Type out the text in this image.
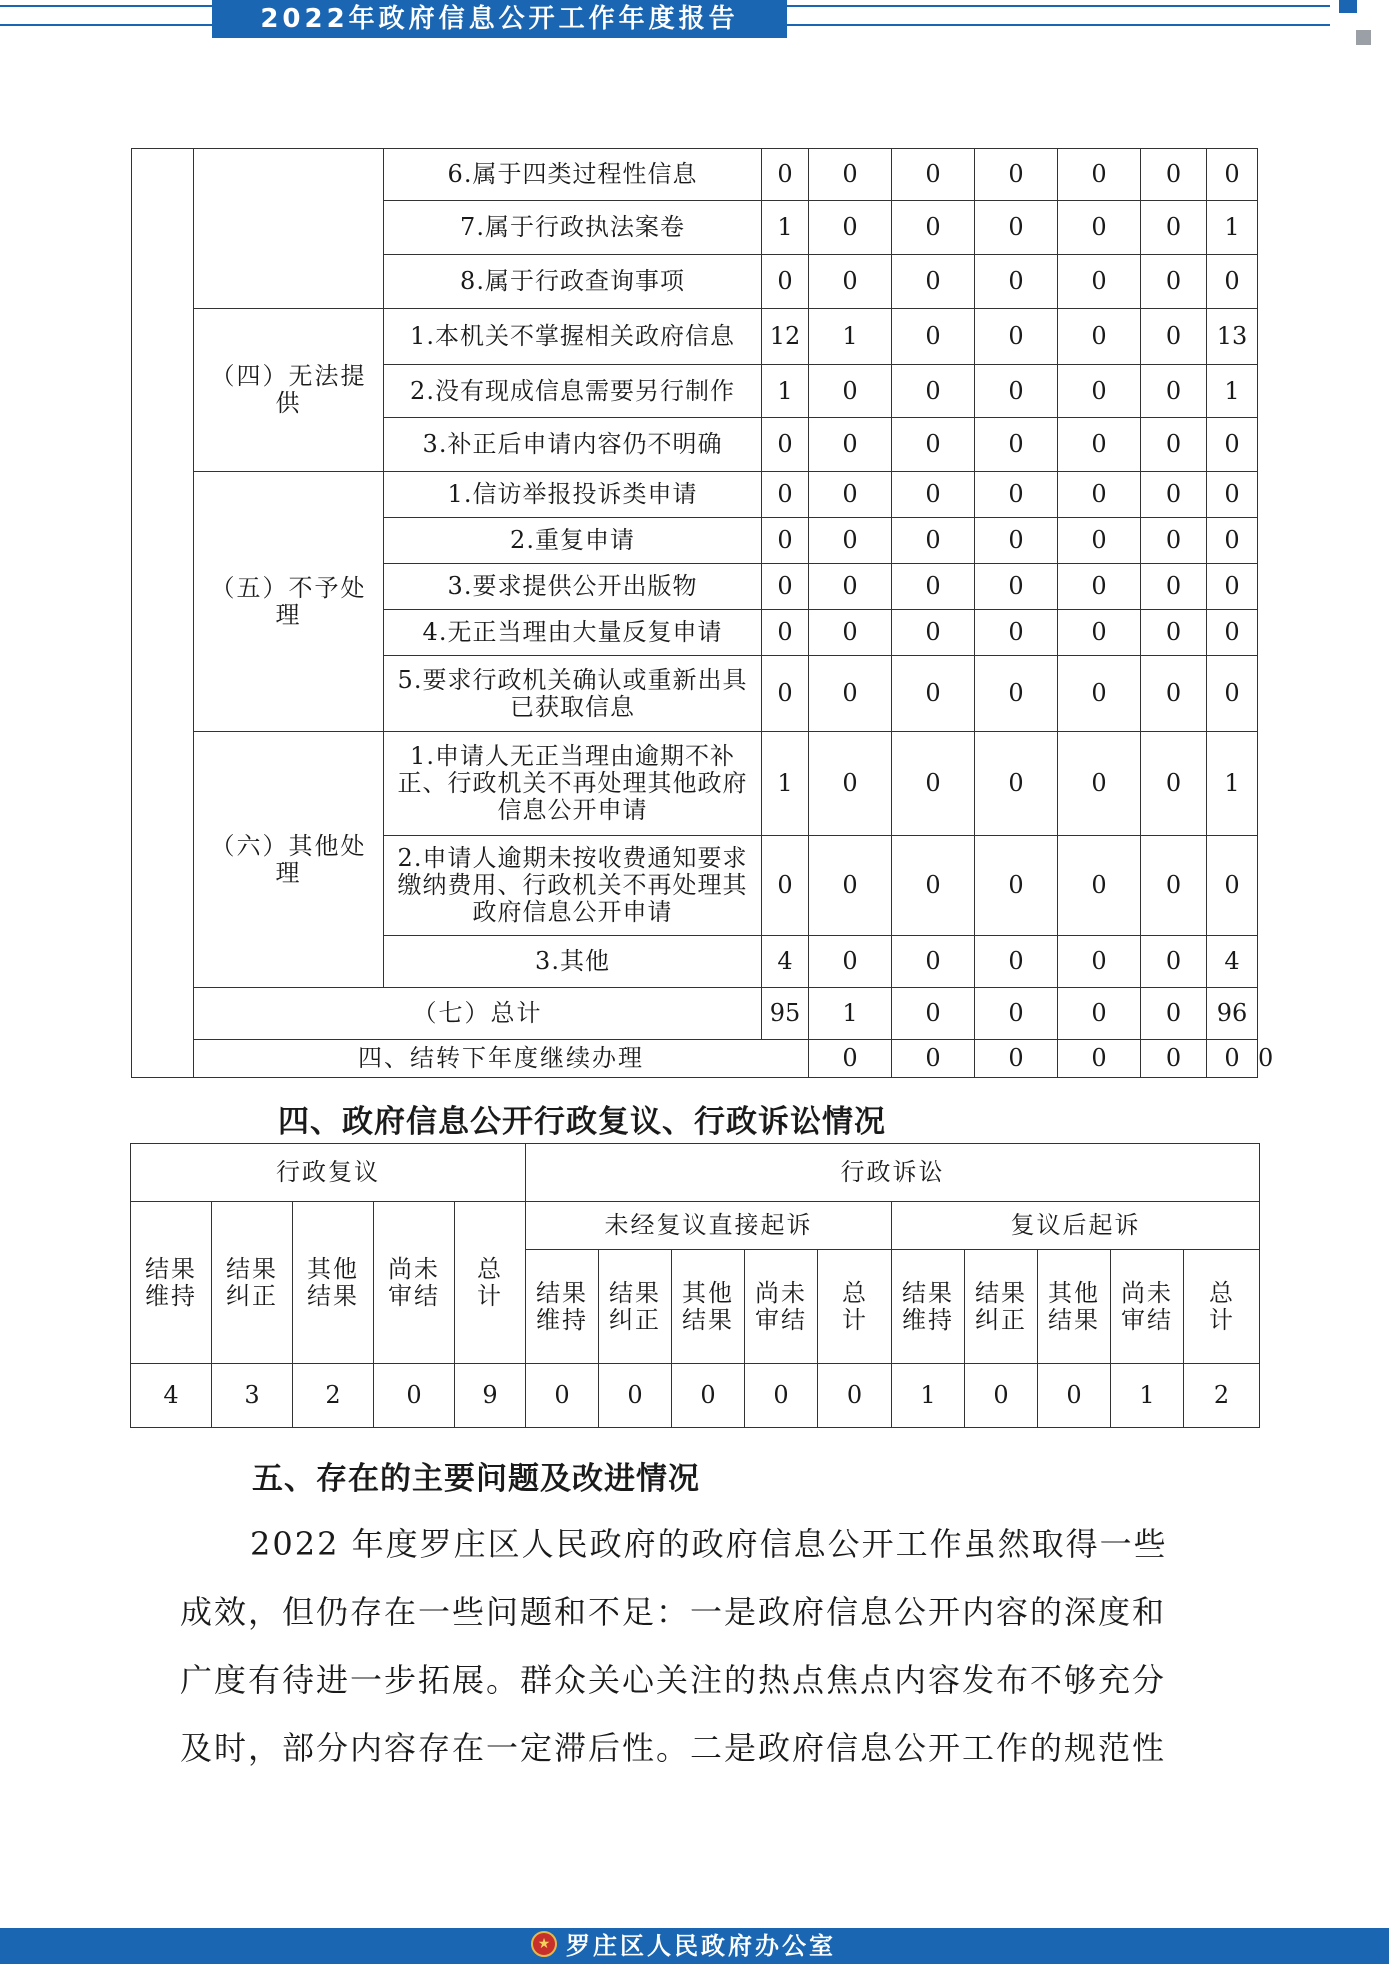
2022年政府信息公开工作年度报告
		6.属于四类过程性信息	0	0	0	0	0	0	0	
		7.属于行政执法案卷	1	0	0	0	0	0	1	
		8.属于行政查询事项	0	0	0	0	0	0	0	
	（四）无法提供	1.本机关不掌握相关政府信息	12	1	0	0	0	0	13	
		2.没有现成信息需要另行制作	1	0	0	0	0	0	1	
		3.补正后申请内容仍不明确	0	0	0	0	0	0	0	
	（五）不予处理	1.信访举报投诉类申请	0	0	0	0	0	0	0	
		2.重复申请	0	0	0	0	0	0	0	
		3.要求提供公开出版物	0	0	0	0	0	0	0	
		4.无正当理由大量反复申请	0	0	0	0	0	0	0	
		5.要求行政机关确认或重新出具已获取信息	0	0	0	0	0	0	0	
	（六）其他处理	1.申请人无正当理由逾期不补正、行政机关不再处理其他政府信息公开申请	1	0	0	0	0	0	1	
		2.申请人逾期未按收费通知要求缴纳费用、行政机关不再处理其政府信息公开申请	0	0	0	0	0	0	0	
		3.其他	4	0	0	0	0	0	4	
	（七）总计		95	1	0	0	0	0	96	
	四、结转下年度继续办理			0	0	0	0	0	0	0
四、政府信息公开行政复议、行政诉讼情况
行政复议					行政诉讼									
结果维持	结果纠正	其他结果	尚未审结	总计	未经复议直接起诉					复议后起诉				
					结果维持	结果纠正	其他结果	尚未审结	总计	结果维持	结果纠正	其他结果	尚未审结	总计
4	3	2	0	9	0	0	0	0	0	1	0	0	1	2
五、存在的主要问题及改进情况
2022 年度罗庄区人民政府的政府信息公开工作虽然取得一些
成效，但仍存在一些问题和不足：一是政府信息公开内容的深度和
广度有待进一步拓展。群众关心关注的热点焦点内容发布不够充分
及时，部分内容存在一定滞后性。二是政府信息公开工作的规范性
★ 罗庄区人民政府办公室
